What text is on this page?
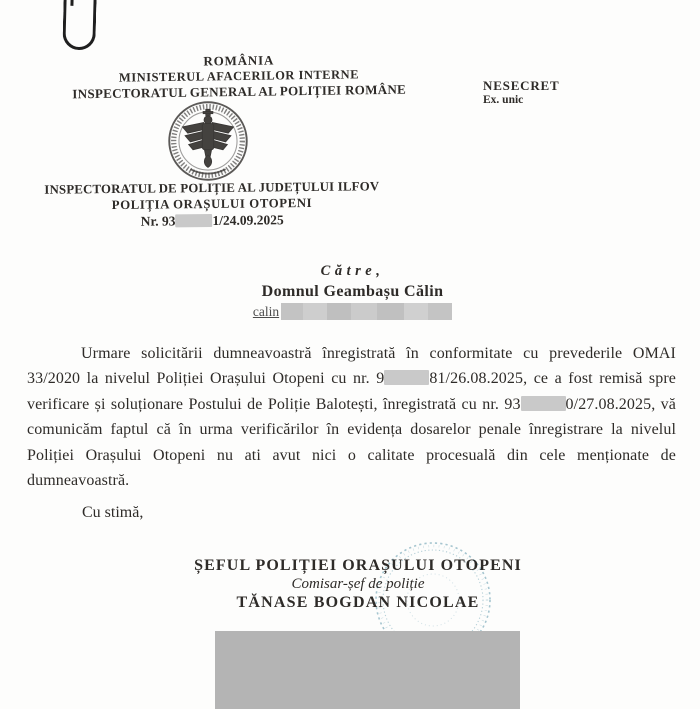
ROMÂNIA
MINISTERUL AFACERILOR INTERNE
INSPECTORATUL GENERAL AL POLIȚIEI ROMÂNE	NESECRET
Ex. unic
INSPECTORATUL DE POLIȚIE AL JUDEȚULUI ILFOV
POLIȚIA ORAȘULUI OTOPENI
Nr. 93	1/24.09.2025
Către,
Domnul Geambașu Călin
calin

Urmare solicitării dumneavoastră înregistrată în conformitate cu prevederile OMAI 33/2020 la nivelul Poliției Orașului Otopeni cu nr. 9	81/26.08.2025, ce a fost remisă spre verificare și soluționare Postului de Poliție Balotești, înregistrată cu nr. 93	0/27.08.2025, vă comunicăm faptul că în urma verificărilor în evidența dosarelor penale înregistrare la nivelul Poliției Orașului Otopeni nu ati avut nici o calitate procesuală din cele menționate de dumneavoastră.

Cu stimă,
ȘEFUL POLIȚIEI ORAȘULUI OTOPENI
Comisar-șef de poliție
TĂNASE BOGDAN NICOLAE
